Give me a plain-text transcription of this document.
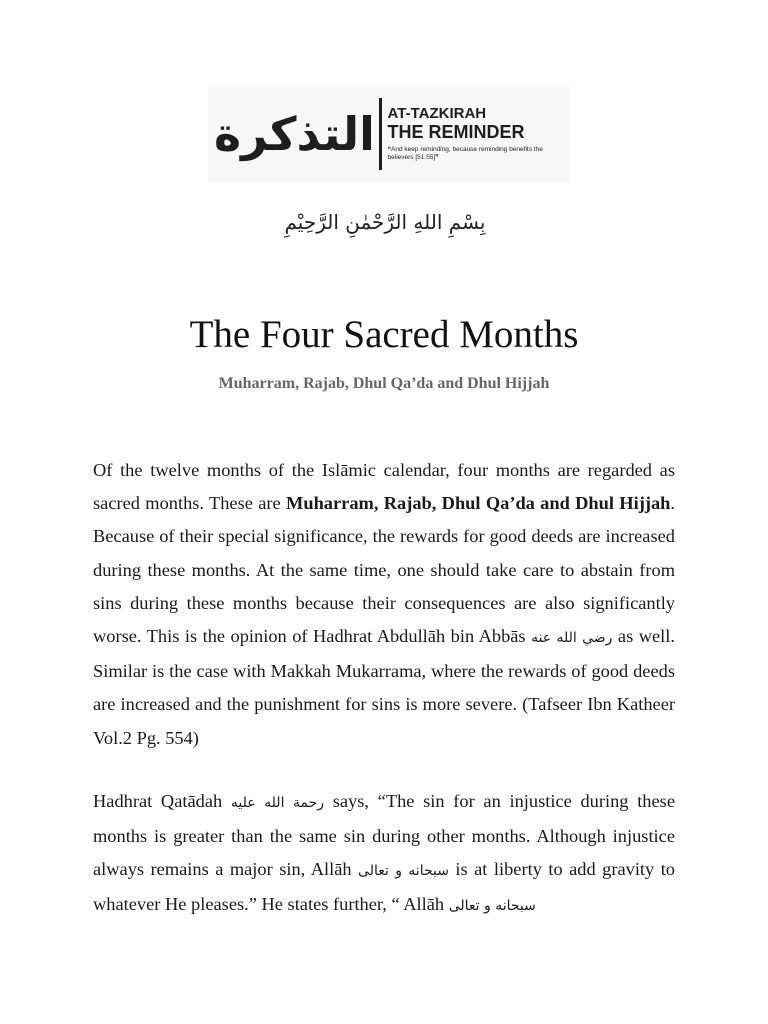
التذكرة AT-TAZKIRAH
THE REMINDER
❝And keep reminding, because reminding benefits the believers [51:55]❞
بِسْمِ اللهِ الرَّحْمٰنِ الرَّحِيْمِ
The Four Sacred Months
Muharram, Rajab, Dhul Qa’da and Dhul Hijjah

Of the twelve months of the Islāmic calendar, four months are regarded as sacred months. These are Muharram, Rajab, Dhul Qa’da and Dhul Hijjah. Because of their special significance, the rewards for good deeds are increased during these months. At the same time, one should take care to abstain from sins during these months because their consequences are also significantly worse. This is the opinion of Hadhrat Abdullāh bin Abbās رضي الله عنه as well. Similar is the case with Makkah Mukarrama, where the rewards of good deeds are increased and the punishment for sins is more severe. (Tafseer Ibn Katheer Vol.2 Pg. 554)

Hadhrat Qatādah رحمة الله عليه says, “The sin for an injustice during these months is greater than the same sin during other months. Although injustice always remains a major sin, Allāh سبحانه و تعالى is at liberty to add gravity to whatever He pleases.” He states further, “ Allāh سبحانه و تعالى
